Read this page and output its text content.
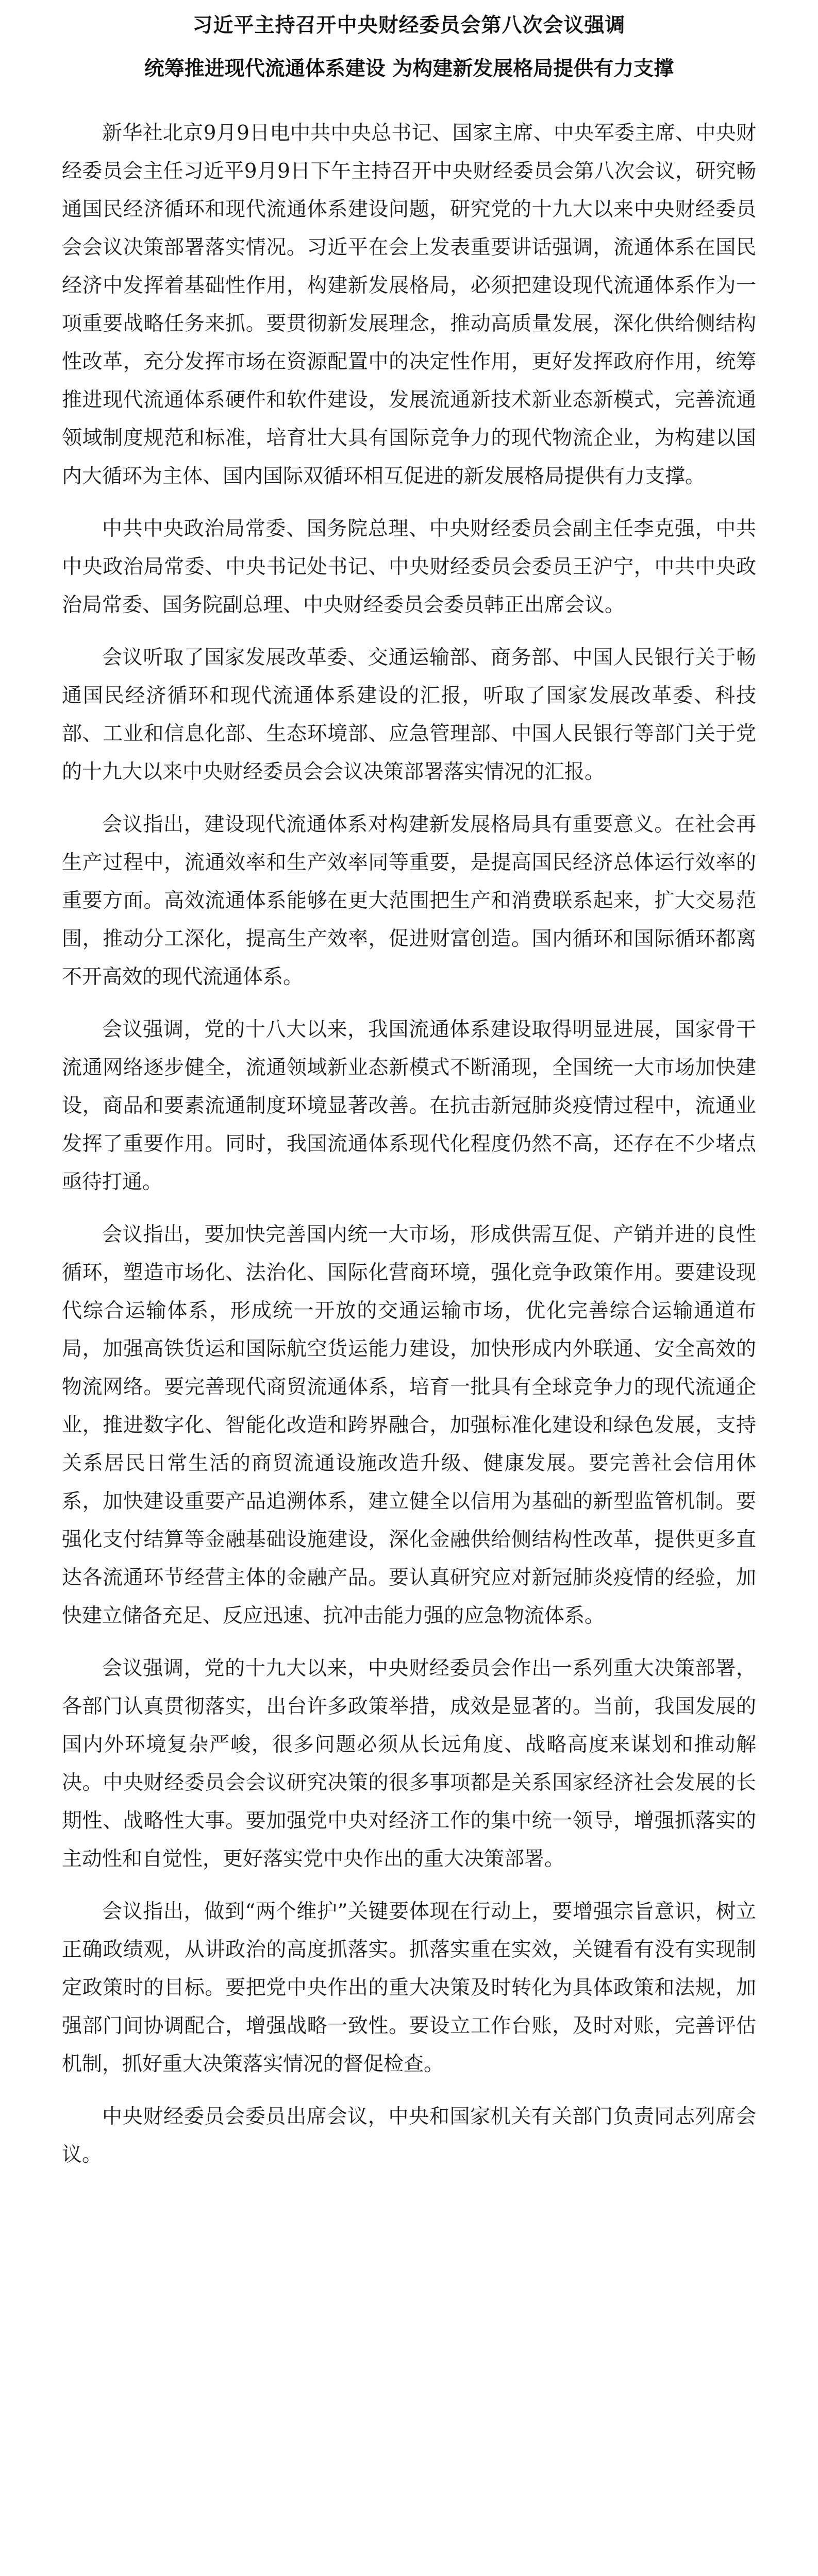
习近平主持召开中央财经委员会第八次会议强调
统筹推进现代流通体系建设 为构建新发展格局提供有力支撑

新华社北京9月9日电中共中央总书记、国家主席、中央军委主席、中央财经委员会主任习近平9月9日下午主持召开中央财经委员会第八次会议，研究畅通国民经济循环和现代流通体系建设问题，研究党的十九大以来中央财经委员会会议决策部署落实情况。习近平在会上发表重要讲话强调，流通体系在国民经济中发挥着基础性作用，构建新发展格局，必须把建设现代流通体系作为一项重要战略任务来抓。要贯彻新发展理念，推动高质量发展，深化供给侧结构性改革，充分发挥市场在资源配置中的决定性作用，更好发挥政府作用，统筹推进现代流通体系硬件和软件建设，发展流通新技术新业态新模式，完善流通领域制度规范和标准，培育壮大具有国际竞争力的现代物流企业，为构建以国内大循环为主体、国内国际双循环相互促进的新发展格局提供有力支撑。

中共中央政治局常委、国务院总理、中央财经委员会副主任李克强，中共中央政治局常委、中央书记处书记、中央财经委员会委员王沪宁，中共中央政治局常委、国务院副总理、中央财经委员会委员韩正出席会议。

会议听取了国家发展改革委、交通运输部、商务部、中国人民银行关于畅通国民经济循环和现代流通体系建设的汇报，听取了国家发展改革委、科技部、工业和信息化部、生态环境部、应急管理部、中国人民银行等部门关于党的十九大以来中央财经委员会会议决策部署落实情况的汇报。

会议指出，建设现代流通体系对构建新发展格局具有重要意义。在社会再生产过程中，流通效率和生产效率同等重要，是提高国民经济总体运行效率的重要方面。高效流通体系能够在更大范围把生产和消费联系起来，扩大交易范围，推动分工深化，提高生产效率，促进财富创造。国内循环和国际循环都离不开高效的现代流通体系。

会议强调，党的十八大以来，我国流通体系建设取得明显进展，国家骨干流通网络逐步健全，流通领域新业态新模式不断涌现，全国统一大市场加快建设，商品和要素流通制度环境显著改善。在抗击新冠肺炎疫情过程中，流通业发挥了重要作用。同时，我国流通体系现代化程度仍然不高，还存在不少堵点亟待打通。

会议指出，要加快完善国内统一大市场，形成供需互促、产销并进的良性循环，塑造市场化、法治化、国际化营商环境，强化竞争政策作用。要建设现代综合运输体系，形成统一开放的交通运输市场，优化完善综合运输通道布局，加强高铁货运和国际航空货运能力建设，加快形成内外联通、安全高效的物流网络。要完善现代商贸流通体系，培育一批具有全球竞争力的现代流通企业，推进数字化、智能化改造和跨界融合，加强标准化建设和绿色发展，支持关系居民日常生活的商贸流通设施改造升级、健康发展。要完善社会信用体系，加快建设重要产品追溯体系，建立健全以信用为基础的新型监管机制。要强化支付结算等金融基础设施建设，深化金融供给侧结构性改革，提供更多直达各流通环节经营主体的金融产品。要认真研究应对新冠肺炎疫情的经验，加快建立储备充足、反应迅速、抗冲击能力强的应急物流体系。

会议强调，党的十九大以来，中央财经委员会作出一系列重大决策部署，各部门认真贯彻落实，出台许多政策举措，成效是显著的。当前，我国发展的国内外环境复杂严峻，很多问题必须从长远角度、战略高度来谋划和推动解决。中央财经委员会会议研究决策的很多事项都是关系国家经济社会发展的长期性、战略性大事。要加强党中央对经济工作的集中统一领导，增强抓落实的主动性和自觉性，更好落实党中央作出的重大决策部署。

会议指出，做到“两个维护”关键要体现在行动上，要增强宗旨意识，树立正确政绩观，从讲政治的高度抓落实。抓落实重在实效，关键看有没有实现制定政策时的目标。要把党中央作出的重大决策及时转化为具体政策和法规，加强部门间协调配合，增强战略一致性。要设立工作台账，及时对账，完善评估机制，抓好重大决策落实情况的督促检查。

中央财经委员会委员出席会议，中央和国家机关有关部门负责同志列席会议。
